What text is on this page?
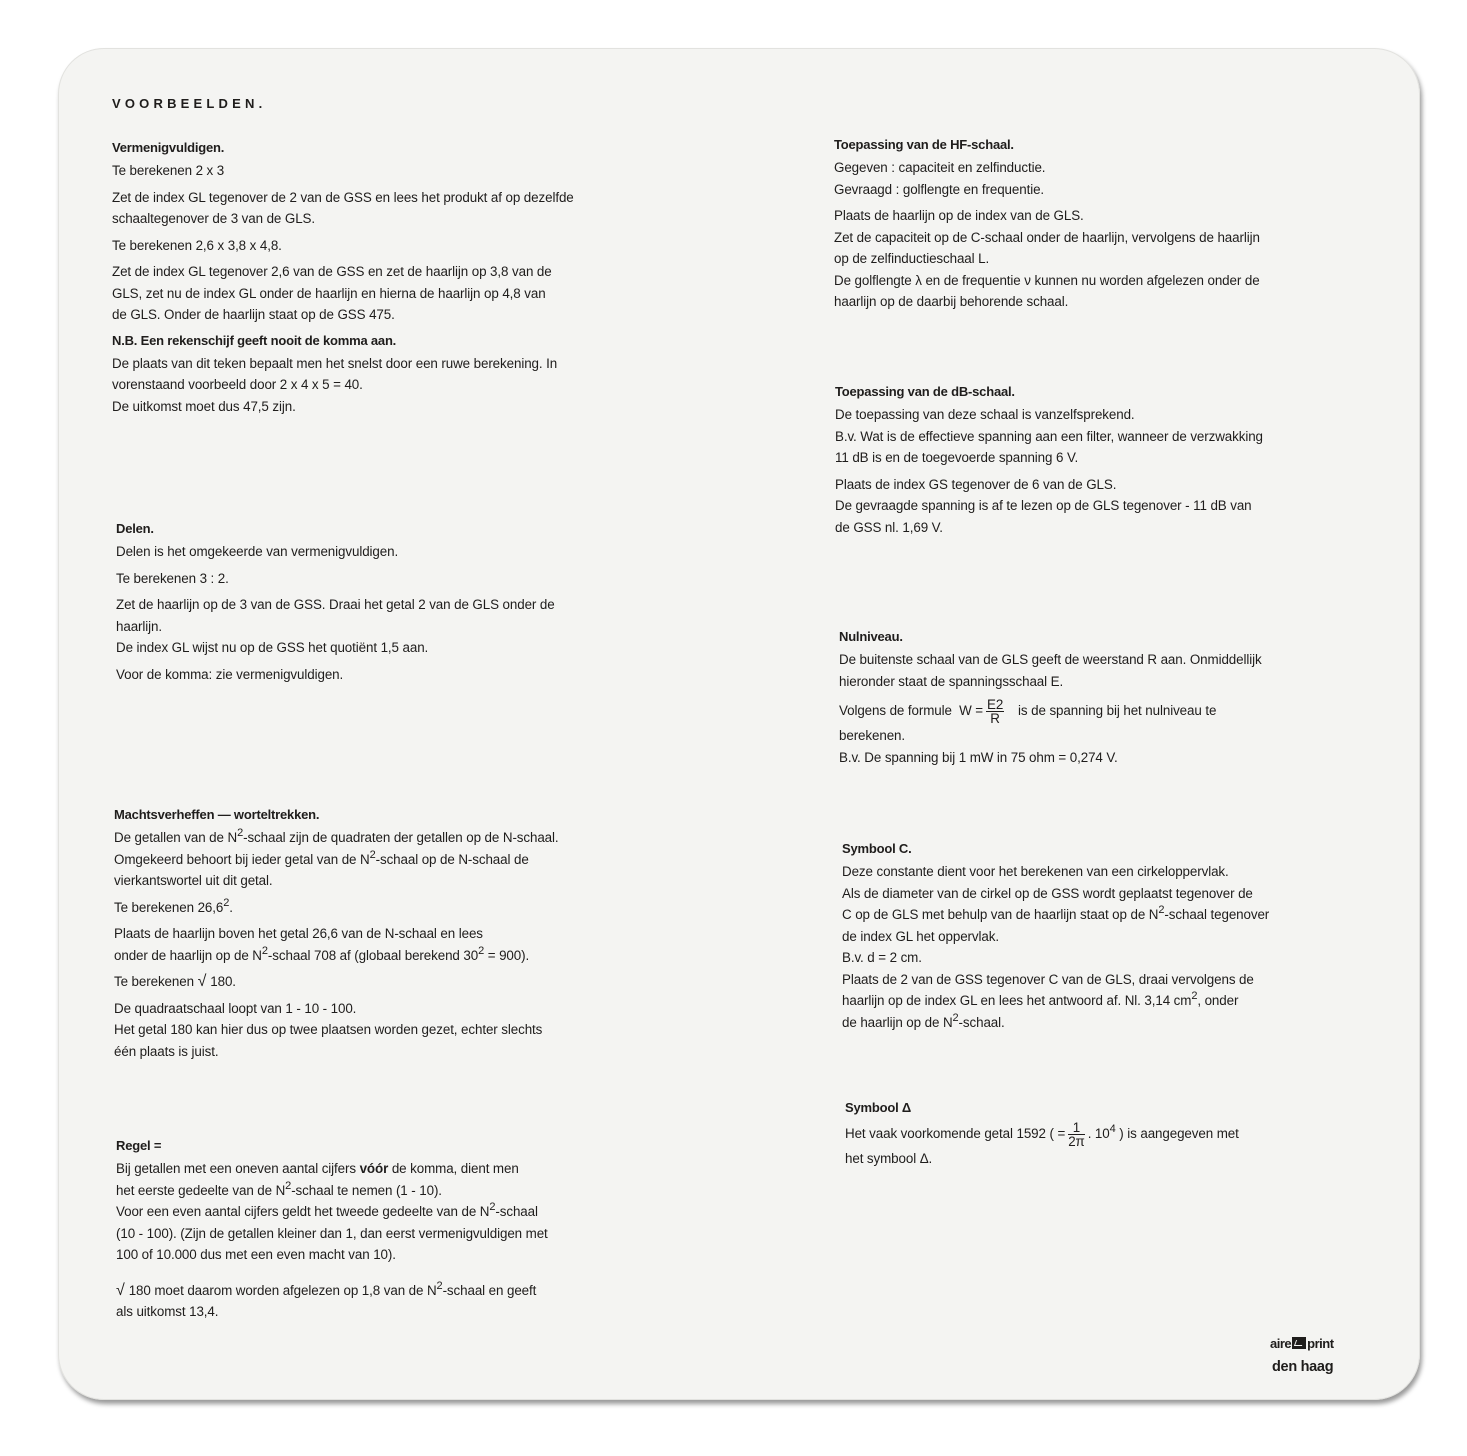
VOORBEELDEN.
Vermenigvuldigen.
Te berekenen 2 x 3
Zet de index GL tegenover de 2 van de GSS en lees het produkt af op dezelfde
schaaltegenover de 3 van de GLS.
Te berekenen 2,6 x 3,8 x 4,8.
Zet de index GL tegenover 2,6 van de GSS en zet de haarlijn op 3,8 van de
GLS, zet nu de index GL onder de haarlijn en hierna de haarlijn op 4,8 van
de GLS. Onder de haarlijn staat op de GSS 475.
N.B. Een rekenschijf geeft nooit de komma aan.
De plaats van dit teken bepaalt men het snelst door een ruwe berekening. In
vorenstaand voorbeeld door 2 x 4 x 5 = 40.
De uitkomst moet dus 47,5 zijn.
Delen.
Delen is het omgekeerde van vermenigvuldigen.
Te berekenen 3 : 2.
Zet de haarlijn op de 3 van de GSS. Draai het getal 2 van de GLS onder de
haarlijn.
De index GL wijst nu op de GSS het quotiënt 1,5 aan.
Voor de komma: zie vermenigvuldigen.
Machtsverheffen — worteltrekken.
De getallen van de $N^2$-schaal zijn de quadraten der getallen op de N-schaal.
Omgekeerd behoort bij ieder getal van de $N^2$-schaal op de N-schaal de
vierkantswortel uit dit getal.
Te berekenen 26,6$^2$.
Plaats de haarlijn boven het getal 26,6 van de N-schaal en lees
onder de haarlijn op de $N^2$-schaal 708 af (globaal berekend $30^2 = 900$).
Te berekenen √ 180.
De quadraatschaal loopt van 1 - 10 - 100.
Het getal 180 kan hier dus op twee plaatsen worden gezet, echter slechts
één plaats is juist.
Regel =
Bij getallen met een oneven aantal cijfers vóór de komma, dient men
het eerste gedeelte van de $N^2$-schaal te nemen (1 - 10).
Voor een even aantal cijfers geldt het tweede gedeelte van de $N^2$-schaal
(10 - 100). (Zijn de getallen kleiner dan 1, dan eerst vermenigvuldigen met
100 of 10.000 dus met een even macht van 10).
√ 180 moet daarom worden afgelezen op 1,8 van de $N^2$-schaal en geeft
als uitkomst 13,4.
Toepassing van de HF-schaal.
Gegeven : capaciteit en zelfinductie.
Gevraagd : golflengte en frequentie.
Plaats de haarlijn op de index van de GLS.
Zet de capaciteit op de C-schaal onder de haarlijn, vervolgens de haarlijn
op de zelfinductieschaal L.
De golflengte λ en de frequentie ν kunnen nu worden afgelezen onder de
haarlijn op de daarbij behorende schaal.
Toepassing van de dB-schaal.
De toepassing van deze schaal is vanzelfsprekend.
B.v. Wat is de effectieve spanning aan een filter, wanneer de verzwakking
11 dB is en de toegevoerde spanning 6 V.
Plaats de index GS tegenover de 6 van de GLS.
De gevraagde spanning is af te lezen op de GLS tegenover - 11 dB van
de GSS nl. 1,69 V.
Nulniveau.
De buitenste schaal van de GLS geeft de weerstand R aan. Onmiddellijk
hieronder staat de spanningsschaal E.
Volgens de formule $W = \frac{E2}{R}$ is de spanning bij het nulniveau te
berekenen.
B.v. De spanning bij 1 mW in 75 ohm = 0,274 V.
Symbool C.
Deze constante dient voor het berekenen van een cirkeloppervlak.
Als de diameter van de cirkel op de GSS wordt geplaatst tegenover de
C op de GLS met behulp van de haarlijn staat op de $N^2$-schaal tegenover
de index GL het oppervlak.
B.v. d = 2 cm.
Plaats de 2 van de GSS tegenover C van de GLS, draai vervolgens de
haarlijn op de index GL en lees het antwoord af. Nl. 3,14 $cm^2$, onder
de haarlijn op de $N^2$-schaal.
Symbool Δ
Het vaak voorkomende getal 1592 ( = $\frac{1}{2\pi}$ . $10^4$ ) is aangegeven met
het symbool Δ.
aire print
den haag
